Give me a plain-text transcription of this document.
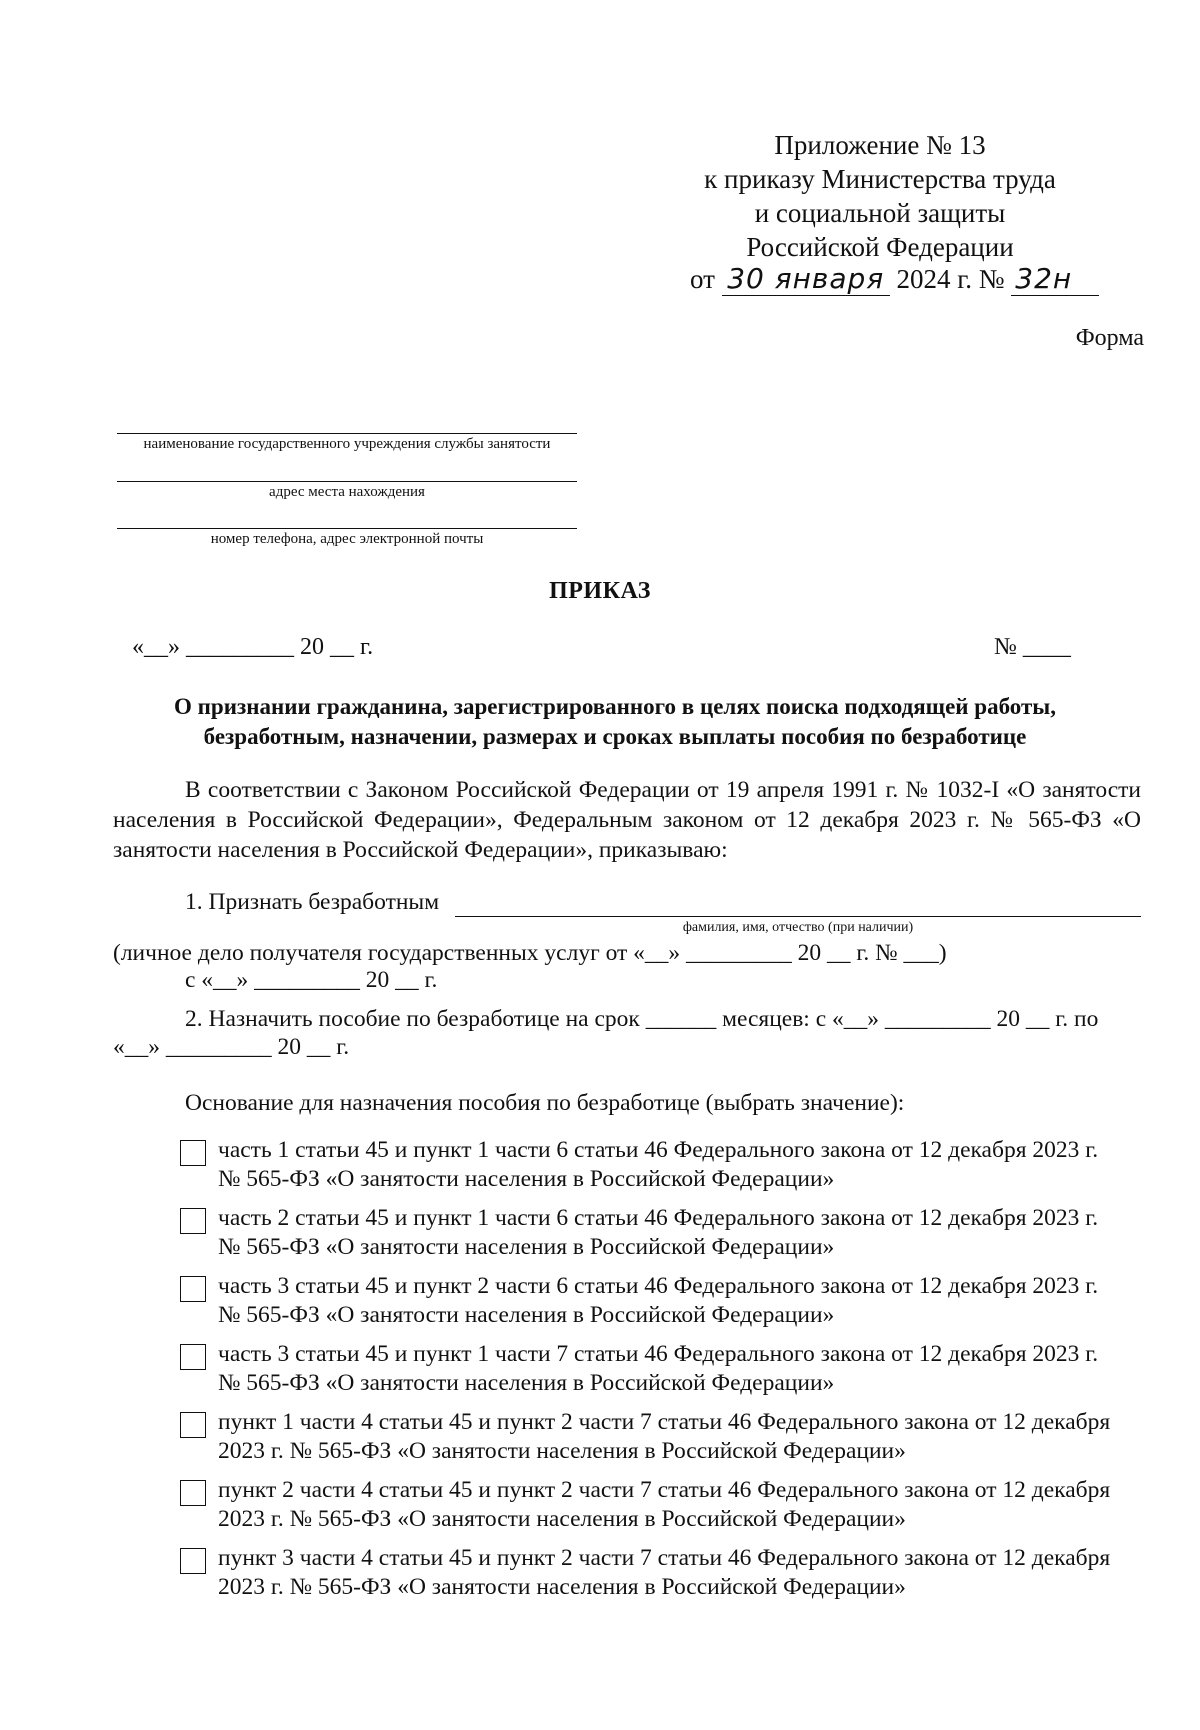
Приложение № 13
к приказу Министерства труда
и социальной защиты
Российской Федерации
от 30 января 2024 г. № 32н
Форма
наименование государственного учреждения службы занятости
адрес места нахождения
номер телефона, адрес электронной почты
ПРИКАЗ
«__» _________ 20 __ г.	№ ____
О признании гражданина, зарегистрированного в целях поиска подходящей работы,
безработным, назначении, размерах и сроках выплаты пособия по безработице
В соответствии с Законом Российской Федерации от 19 апреля 1991 г. № 1032-I «О занятости населения в Российской Федерации», Федеральным законом от 12 декабря 2023 г. № 565-ФЗ «О занятости населения в Российской Федерации», приказываю:
1. Признать безработным
фамилия, имя, отчество (при наличии)
(личное дело получателя государственных услуг от «__» _________ 20 __ г. № ___)
с «__» _________ 20 __ г.
2. Назначить пособие по безработице на срок ______ месяцев: с «__» _________ 20 __ г. по
«__» _________ 20 __ г.
Основание для назначения пособия по безработице (выбрать значение):
часть 1 статьи 45 и пункт 1 части 6 статьи 46 Федерального закона от 12 декабря 2023 г.
№ 565-ФЗ «О занятости населения в Российской Федерации»
часть 2 статьи 45 и пункт 1 части 6 статьи 46 Федерального закона от 12 декабря 2023 г.
№ 565-ФЗ «О занятости населения в Российской Федерации»
часть 3 статьи 45 и пункт 2 части 6 статьи 46 Федерального закона от 12 декабря 2023 г.
№ 565-ФЗ «О занятости населения в Российской Федерации»
часть 3 статьи 45 и пункт 1 части 7 статьи 46 Федерального закона от 12 декабря 2023 г.
№ 565-ФЗ «О занятости населения в Российской Федерации»
пункт 1 части 4 статьи 45 и пункт 2 части 7 статьи 46 Федерального закона от 12 декабря
2023 г. № 565-ФЗ «О занятости населения в Российской Федерации»
пункт 2 части 4 статьи 45 и пункт 2 части 7 статьи 46 Федерального закона от 12 декабря
2023 г. № 565-ФЗ «О занятости населения в Российской Федерации»
пункт 3 части 4 статьи 45 и пункт 2 части 7 статьи 46 Федерального закона от 12 декабря
2023 г. № 565-ФЗ «О занятости населения в Российской Федерации»
